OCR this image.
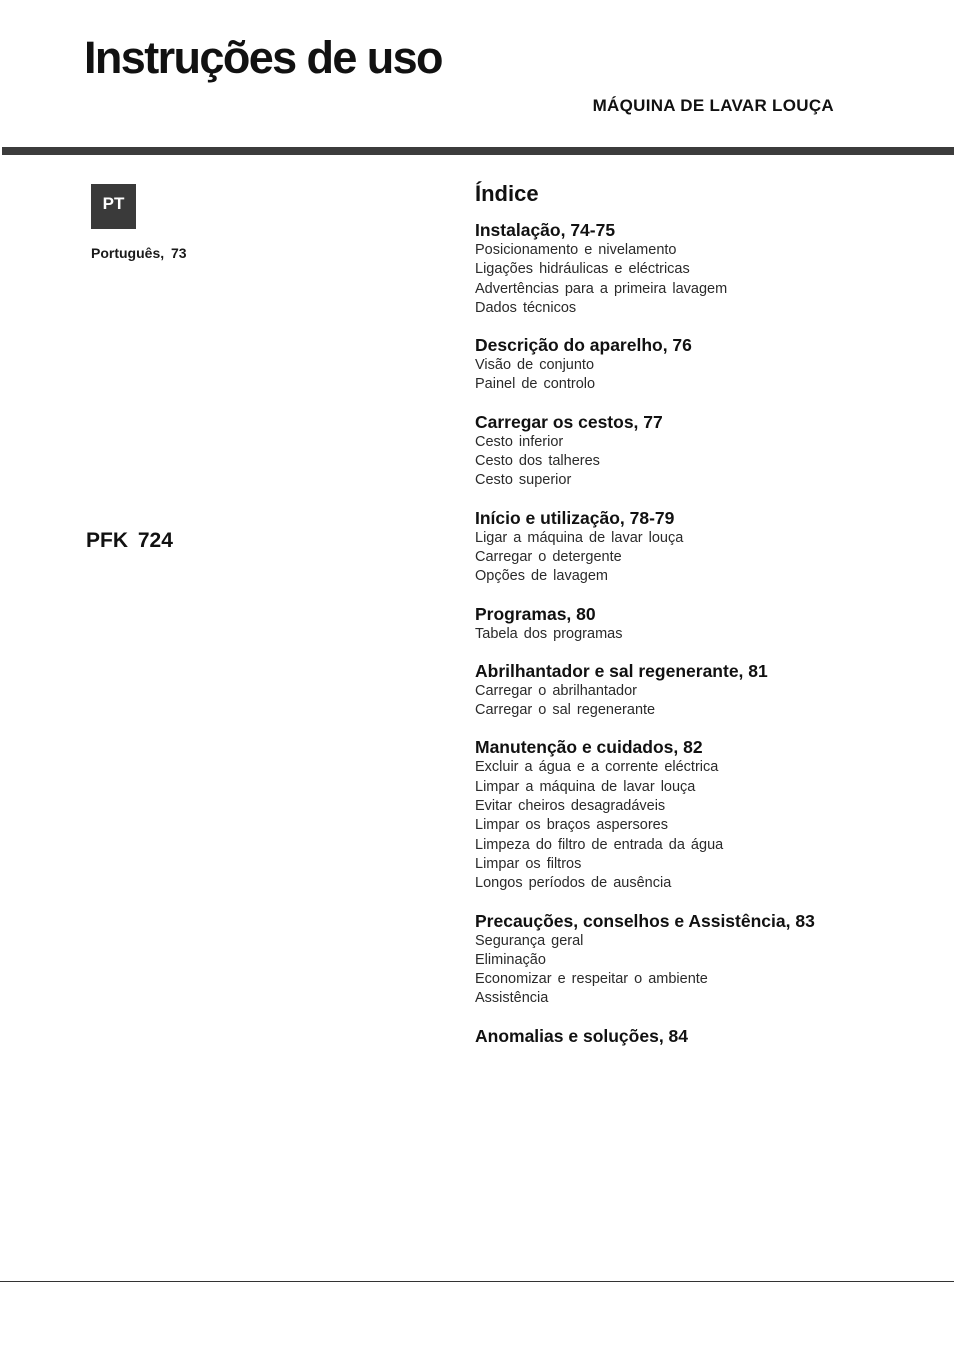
Instruções de uso
MÁQUINA DE LAVAR LOUÇA
PT
Português, 73
PFK 724
Índice
Instalação, 74-75
Posicionamento e nivelamento
Ligações hidráulicas e eléctricas
Advertências para a primeira lavagem
Dados técnicos
Descrição do aparelho, 76
Visão de conjunto
Painel de controlo
Carregar os cestos, 77
Cesto inferior
Cesto dos talheres
Cesto superior
Início e utilização, 78-79
Ligar a máquina de lavar louça
Carregar o detergente
Opções de lavagem
Programas, 80
Tabela dos programas
Abrilhantador e sal regenerante, 81
Carregar o abrilhantador
Carregar o sal regenerante
Manutenção e cuidados, 82
Excluir a água e a corrente eléctrica
Limpar a máquina de lavar louça
Evitar cheiros desagradáveis
Limpar os braços aspersores
Limpeza do filtro de entrada da água
Limpar os filtros
Longos períodos de ausência
Precauções, conselhos e Assistência, 83
Segurança geral
Eliminação
Economizar e respeitar o ambiente
Assistência
Anomalias e soluções, 84
